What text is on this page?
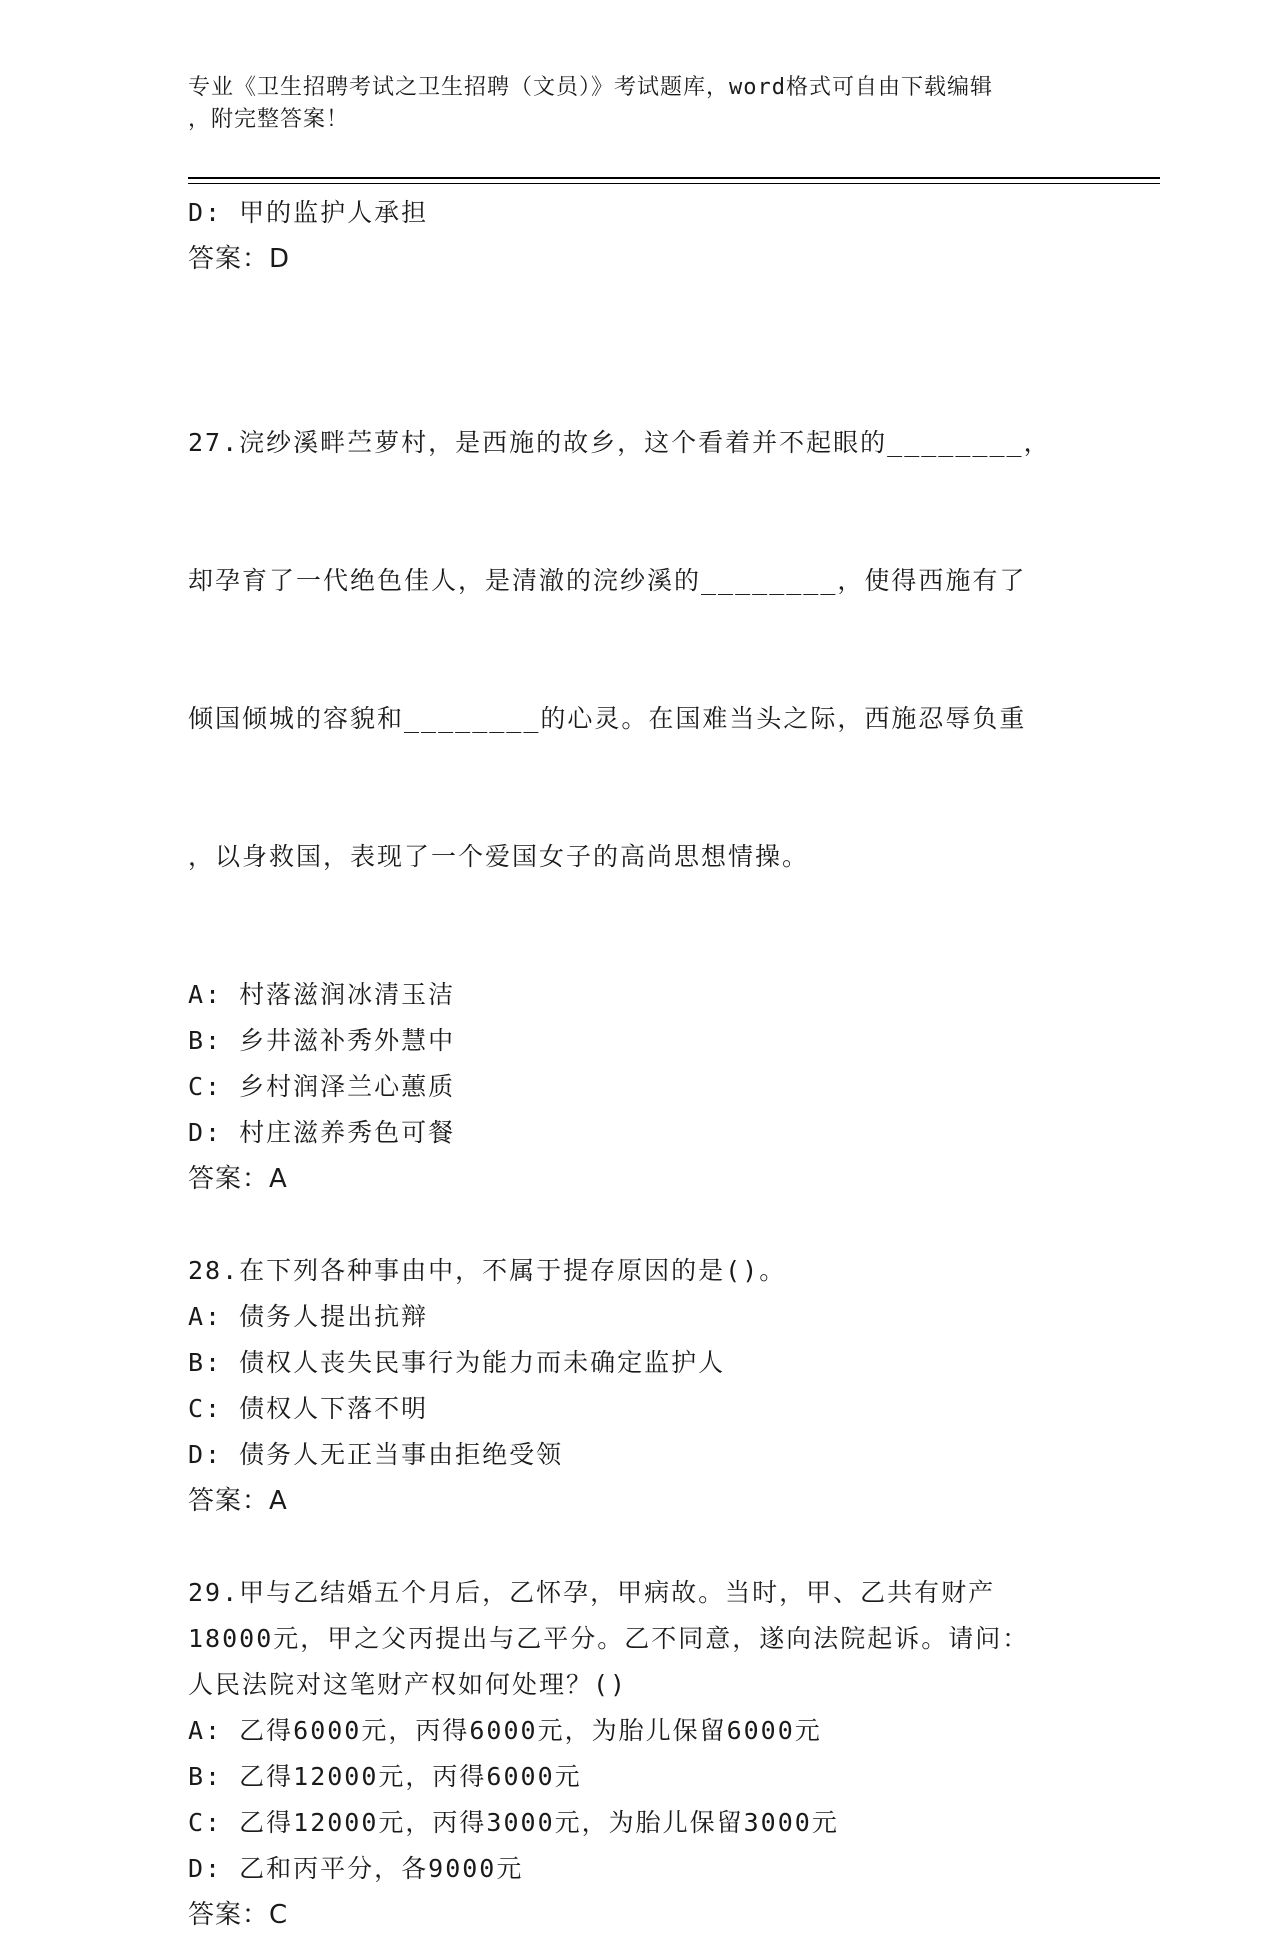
专业《卫生招聘考试之卫生招聘（文员）》考试题库，word格式可自由下载编辑
，附完整答案！
D: 甲的监护人承担
答案：D

27.浣纱溪畔苎萝村，是西施的故乡，这个看着并不起眼的________，

却孕育了一代绝色佳人，是清澈的浣纱溪的________，使得西施有了

倾国倾城的容貌和________的心灵。在国难当头之际，西施忍辱负重

，以身救国，表现了一个爱国女子的高尚思想情操。

A: 村落滋润冰清玉洁
B: 乡井滋补秀外慧中
C: 乡村润泽兰心蕙质
D: 村庄滋养秀色可餐
答案：A
28.在下列各种事由中，不属于提存原因的是()。
A: 债务人提出抗辩
B: 债权人丧失民事行为能力而未确定监护人
C: 债权人下落不明
D: 债务人无正当事由拒绝受领
答案：A
29.甲与乙结婚五个月后，乙怀孕，甲病故。当时，甲、乙共有财产
18000元，甲之父丙提出与乙平分。乙不同意，遂向法院起诉。请问：
人民法院对这笔财产权如何处理？()
A: 乙得6000元，丙得6000元，为胎儿保留6000元
B: 乙得12000元，丙得6000元
C: 乙得12000元，丙得3000元，为胎儿保留3000元
D: 乙和丙平分，各9000元
答案：C
